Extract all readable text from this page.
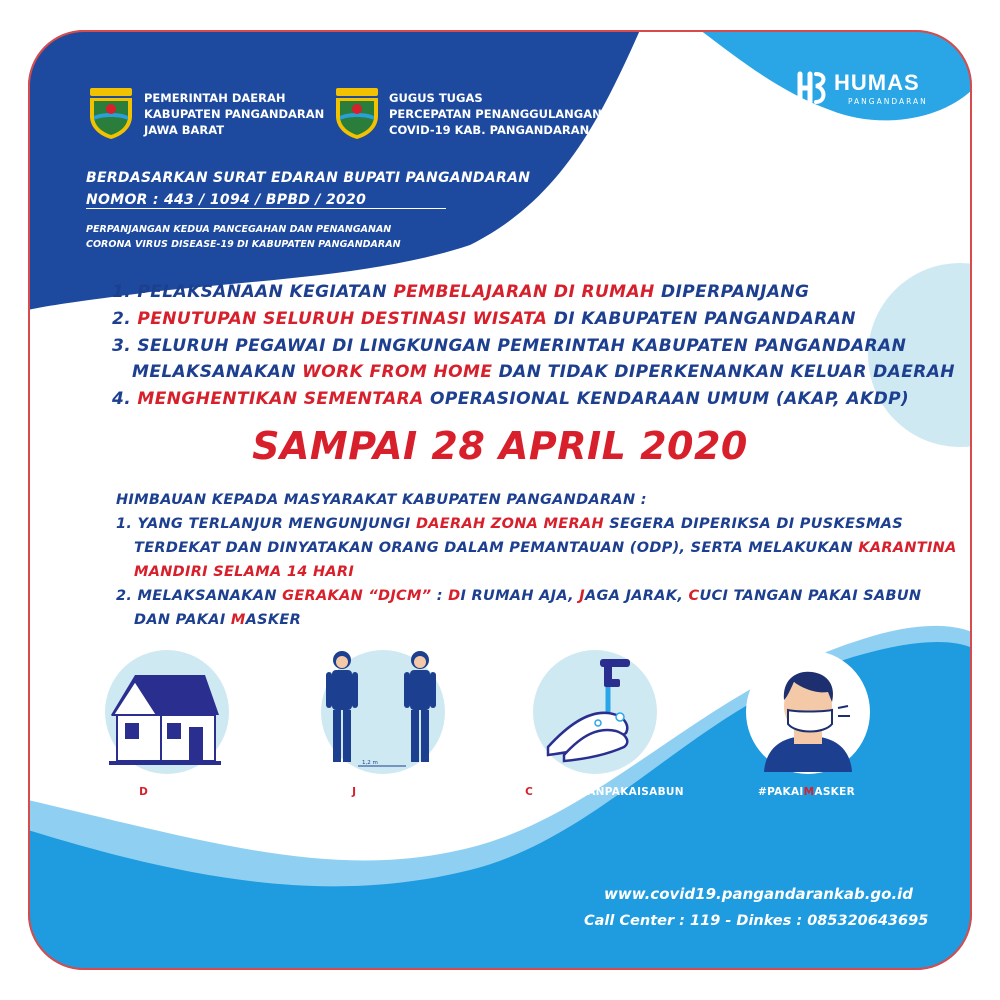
PEMERINTAH DAERAH
KABUPATEN PANGANDARAN
JAWA BARAT
GUGUS TUGAS
PERCEPATAN PENANGGULANGAN
COVID-19 KAB. PANGANDARAN
BERDASARKAN SURAT EDARAN BUPATI PANGANDARAN
NOMOR : 443 / 1094 / BPBD / 2020
PERPANJANGAN KEDUA PANCEGAHAN DAN PENANGANAN
CORONA VIRUS DISEASE-19 DI KABUPATEN PANGANDARAN
HUMAS
PANGANDARAN
1. PELAKSANAAN KEGIATAN PEMBELAJARAN DI RUMAH DIPERPANJANG
2. PENUTUPAN SELURUH DESTINASI WISATA DI KABUPATEN PANGANDARAN
3. SELURUH PEGAWAI DI LINGKUNGAN PEMERINTAH KABUPATEN PANGANDARAN
MELAKSANAKAN WORK FROM HOME DAN TIDAK DIPERKENANKAN KELUAR DAERAH
4. MENGHENTIKAN SEMENTARA OPERASIONAL KENDARAAN UMUM (AKAP, AKDP)
SAMPAI 28 APRIL 2020
HIMBAUAN KEPADA MASYARAKAT KABUPATEN PANGANDARAN :
1. YANG TERLANJUR MENGUNJUNGI DAERAH ZONA MERAH SEGERA DIPERIKSA DI PUSKESMAS
TERDEKAT DAN DINYATAKAN ORANG DALAM PEMANTAUAN (ODP), SERTA MELAKUKAN KARANTINA
MANDIRI SELAMA 14 HARI
2. MELAKSANAKAN GERAKAN “DJCM” : DI RUMAH AJA, JAGA JARAK, CUCI TANGAN PAKAI SABUN
DAN PAKAI MASKER
1,2 m
#DIRUMAHAJA	#JAGAJARAK	#CUCITANGANPAKAISABUN	#PAKAIMASKER
www.covid19.pangandarankab.go.id
Call Center : 119 - Dinkes : 085320643695
